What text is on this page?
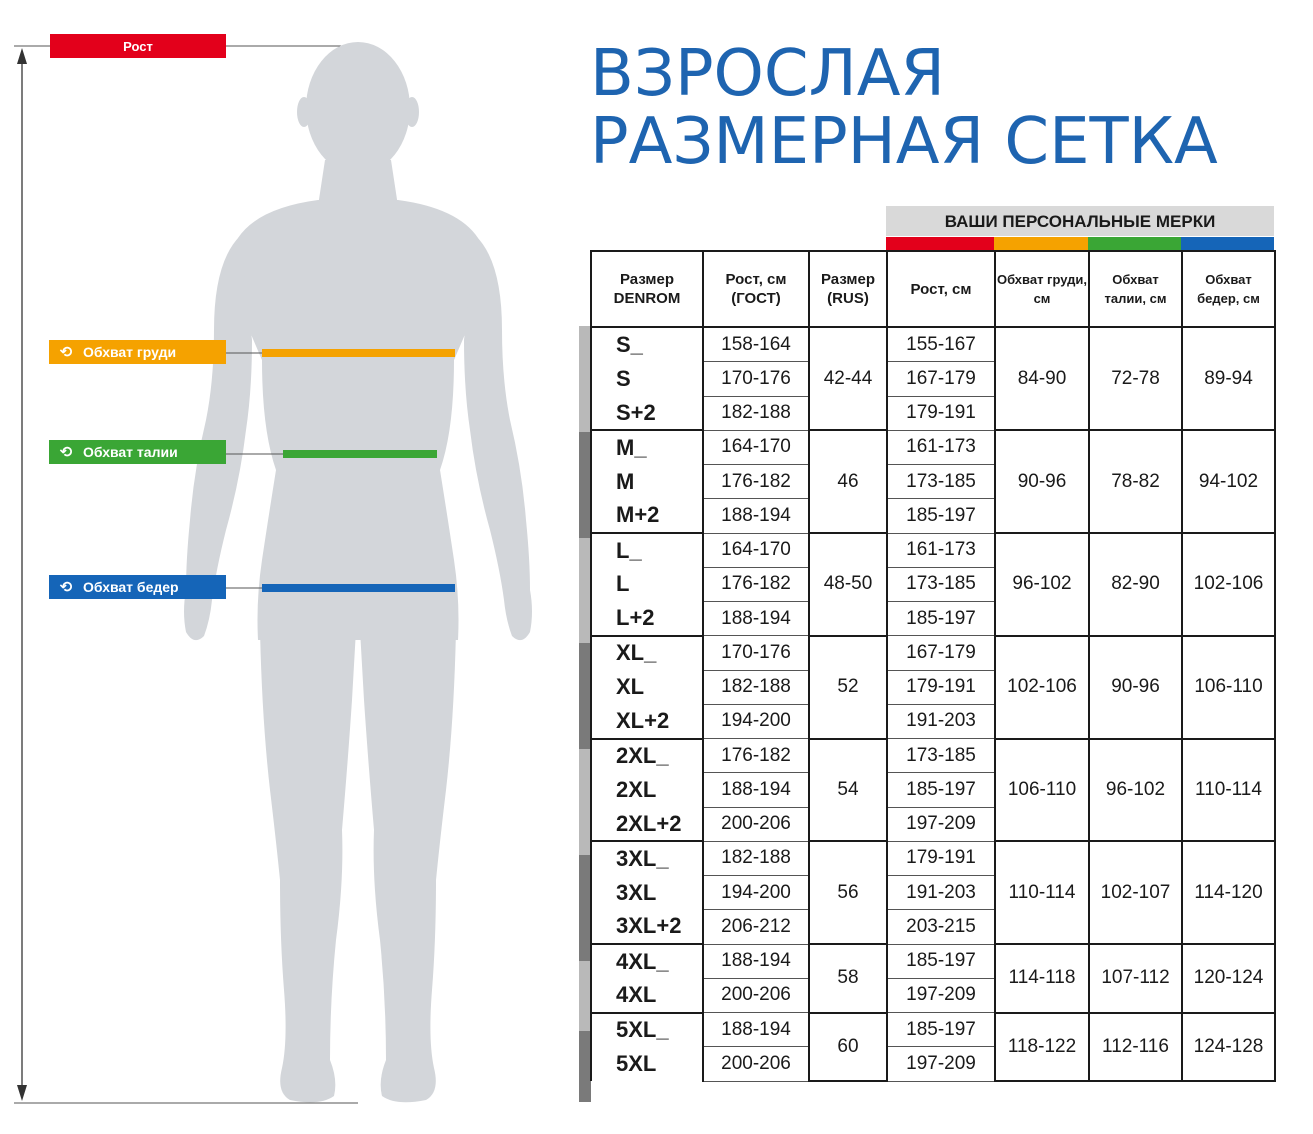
Рост
⟲ Обхват груди
⟲ Обхват талии
⟲ Обхват бедер
ВЗРОСЛАЯ
РАЗМЕРНАЯ СЕТКА
ВАШИ ПЕРСОНАЛЬНЫЕ МЕРКИ
Размер DENROM	Рост, см (ГОСТ)	Размер (RUS)	Рост, см	Обхват груди, см	Обхват талии, см	Обхват бедер, см
S_	158-164	42-44	155-167	84-90	72-78	89-94
S	170-176		167-179			
S+2	182-188		179-191			
M_	164-170	46	161-173	90-96	78-82	94-102
M	176-182		173-185			
M+2	188-194		185-197			
L_	164-170	48-50	161-173	96-102	82-90	102-106
L	176-182		173-185			
L+2	188-194		185-197			
XL_	170-176	52	167-179	102-106	90-96	106-110
XL	182-188		179-191			
XL+2	194-200		191-203			
2XL_	176-182	54	173-185	106-110	96-102	110-114
2XL	188-194		185-197			
2XL+2	200-206		197-209			
3XL_	182-188	56	179-191	110-114	102-107	114-120
3XL	194-200		191-203			
3XL+2	206-212		203-215			
4XL_	188-194	58	185-197	114-118	107-112	120-124
4XL	200-206		197-209			
5XL_	188-194	60	185-197	118-122	112-116	124-128
5XL	200-206		197-209			
